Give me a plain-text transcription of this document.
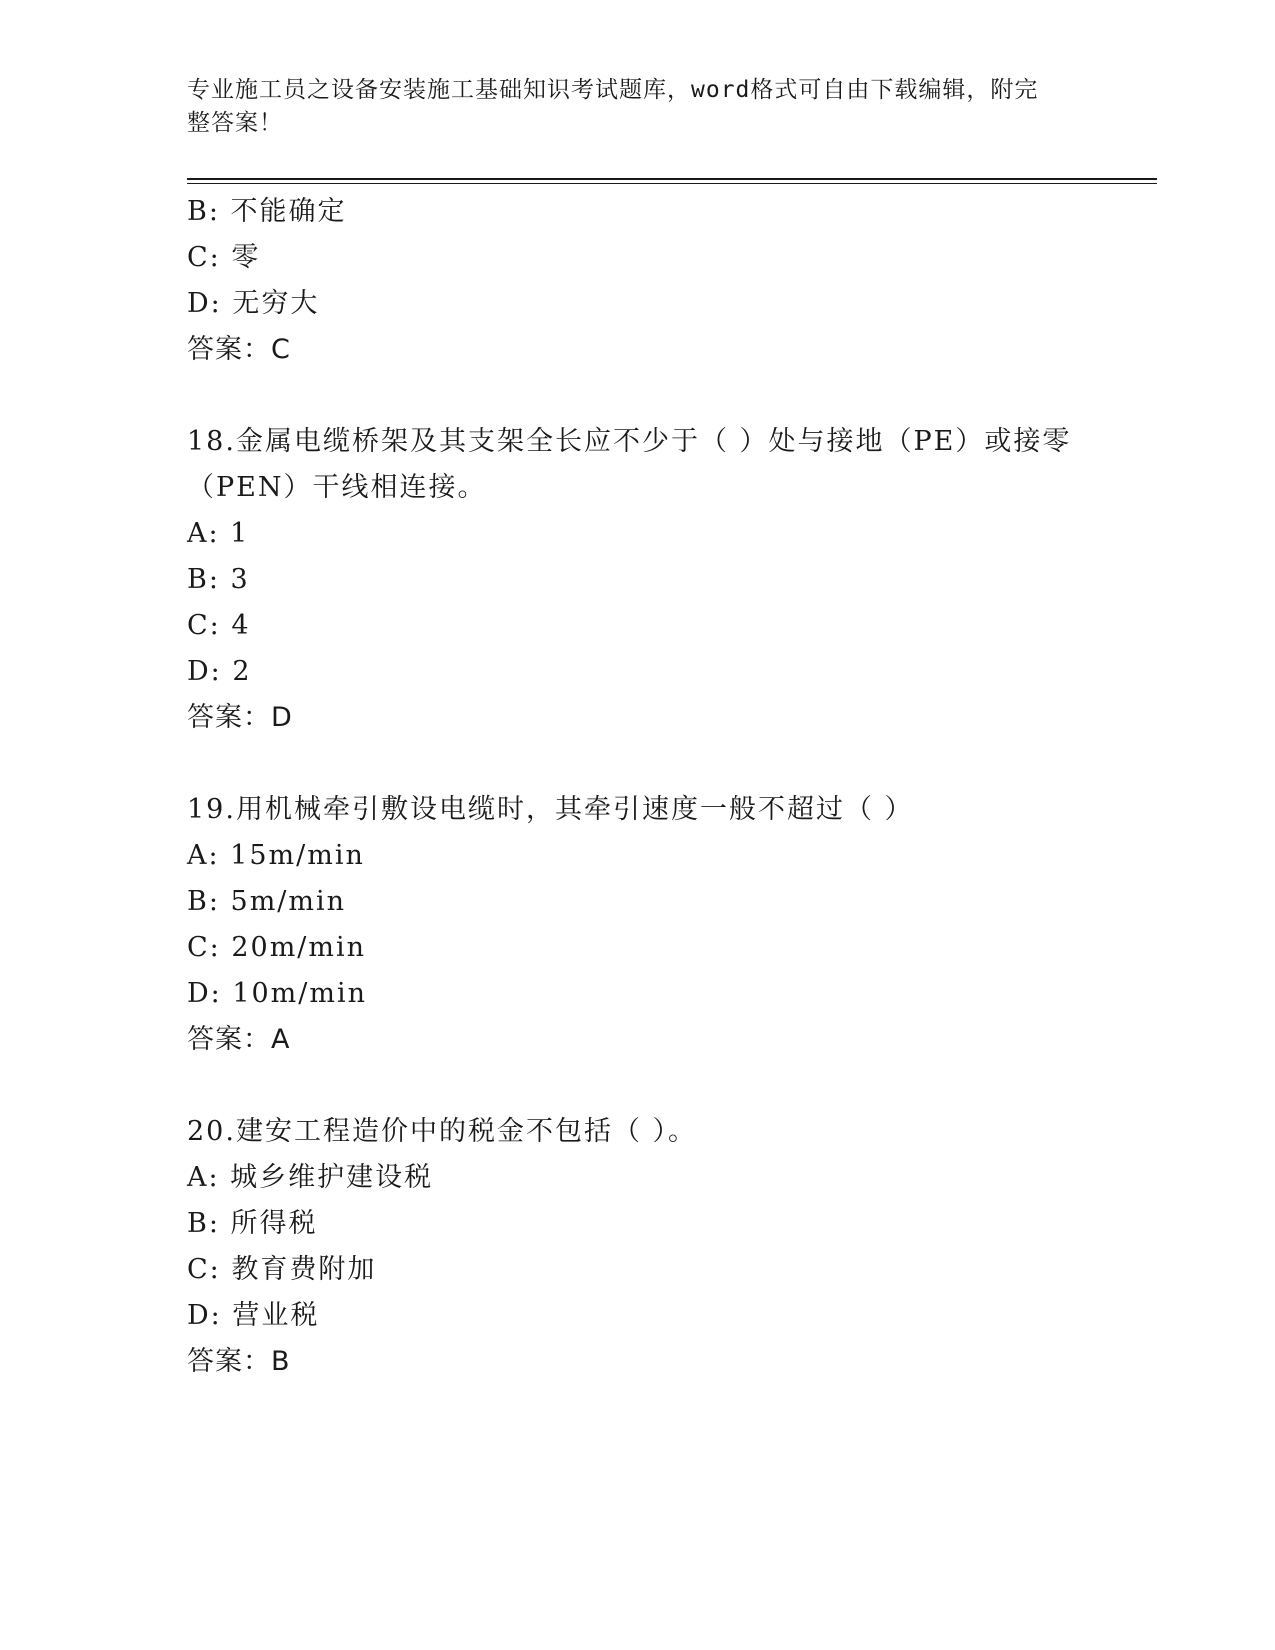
专业施工员之设备安装施工基础知识考试题库，word格式可自由下载编辑，附完
整答案！
B: 不能确定
C: 零
D: 无穷大
答案：C
18.金属电缆桥架及其支架全长应不少于（ ）处与接地（PE）或接零
（PEN）干线相连接。
A: 1
B: 3
C: 4
D: 2
答案：D
19.用机械牵引敷设电缆时，其牵引速度一般不超过（ ）
A: 15m/min
B: 5m/min
C: 20m/min
D: 10m/min
答案：A
20.建安工程造价中的税金不包括（ ）。
A: 城乡维护建设税
B: 所得税
C: 教育费附加
D: 营业税
答案：B
